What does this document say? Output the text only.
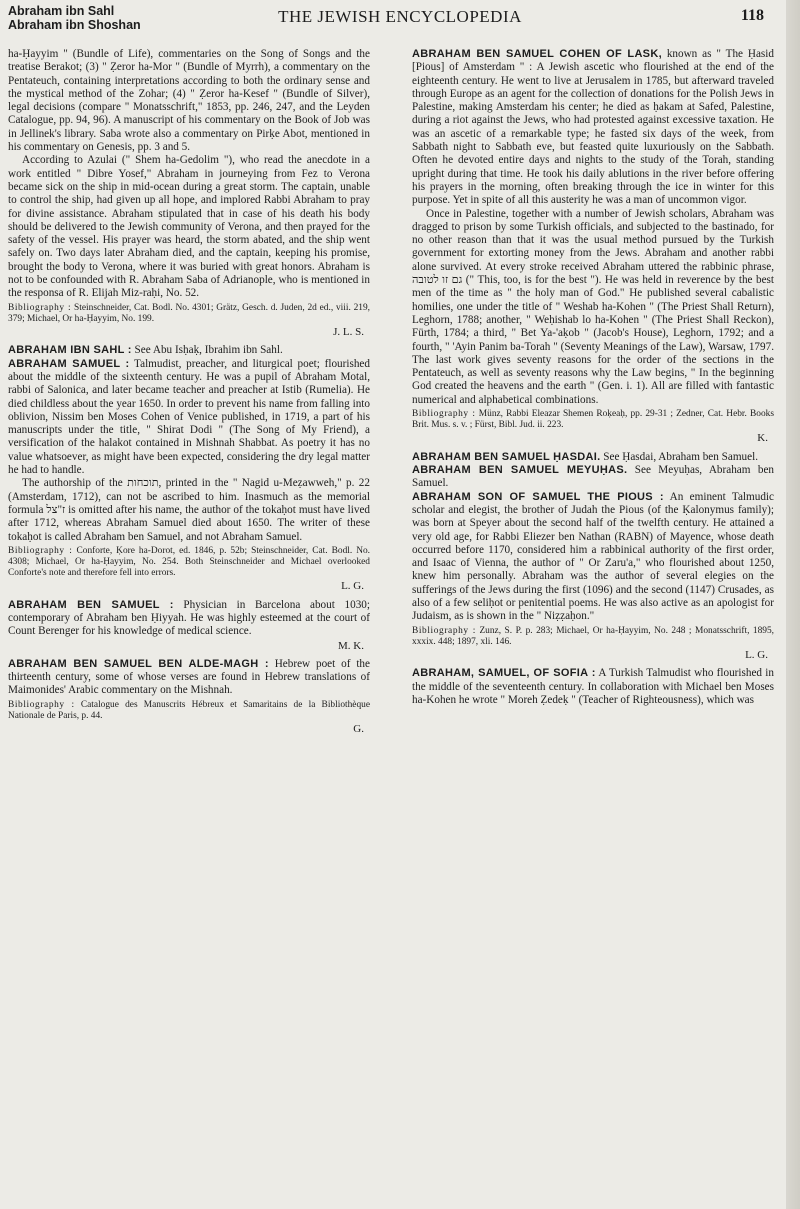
Abraham ibn Sahl
Abraham ibn Shoshan	THE JEWISH ENCYCLOPEDIA	118

ha-Ḥayyim " (Bundle of Life), commentaries on the Song of Songs and the treatise Berakot; (3) " Ẓeror ha-Mor " (Bundle of Myrrh), a commentary on the Pentateuch, containing interpretations according to both the ordinary sense and the mystical method of the Zohar; (4) " Ẓeror ha-Kesef " (Bundle of Silver), legal decisions (compare " Monatsschrift," 1853, pp. 246, 247, and the Leyden Catalogue, pp. 94, 96). A manuscript of his commentary on the Book of Job was in Jellinek's library. Saba wrote also a commentary on Pirḳe Abot, mentioned in his commentary on Genesis, pp. 3 and 5.

According to Azulai (" Shem ha-Gedolim "), who read the anecdote in a work entitled " Dibre Yosef," Abraham in journeying from Fez to Verona became sick on the ship in mid-ocean during a great storm. The captain, unable to control the ship, had given up all hope, and implored Rabbi Abraham to pray for divine assistance. Abraham stipulated that in case of his death his body should be delivered to the Jewish community of Verona, and then prayed for the safety of the vessel. His prayer was heard, the storm abated, and the ship went safely on. Two days later Abraham died, and the captain, keeping his promise, brought the body to Verona, where it was buried with great honors. Abraham is not to be confounded with R. Abraham Saba of Adrianople, who is mentioned in the responsa of R. Elijah Miz-raḥi, No. 52.

Bibliography : Steinschneider, Cat. Bodl. No. 4301; Grätz, Gesch. d. Juden, 2d ed., viii. 219, 379; Michael, Or ha-Ḥayyim, No. 199.

J. L. S.

ABRAHAM IBN SAHL : See Abu Isḥaḳ, Ibrahim ibn Sahl.

ABRAHAM SAMUEL : Talmudist, preacher, and liturgical poet; flourished about the middle of the sixteenth century. He was a pupil of Abraham Motal, rabbi of Salonica, and later became teacher and preacher at Istib (Rumelia). He died childless about the year 1650. In order to prevent his name from falling into oblivion, Nissim ben Moses Cohen of Venice published, in 1719, a part of his manuscripts under the title, " Shirat Dodi " (The Song of My Friend), a versification of the halakot contained in Mishnah Shabbat. As poetry it has no value whatsoever, as might have been expected, considering the dry legal matter he had to handle.

The authorship of the תוכחות, printed in the " Nagid u-Meẓawweh," p. 22 (Amsterdam, 1712), can not be ascribed to him. Inasmuch as the memorial formula ז"צל is omitted after his name, the author of the tokaḥot must have lived after 1712, whereas Abraham Samuel died about 1650. The writer of these tokaḥot is called Abraham ben Samuel, and not Abraham Samuel.

Bibliography : Conforte, Ḳore ha-Dorot, ed. 1846, p. 52b; Steinschneider, Cat. Bodl. No. 4308; Michael, Or ha-Ḥayyim, No. 254. Both Steinschneider and Michael overlooked Conforte's note and therefore fell into errors.

L. G.

ABRAHAM BEN SAMUEL : Physician in Barcelona about 1030; contemporary of Abraham ben Ḥiyyah. He was highly esteemed at the court of Count Berenger for his knowledge of medical science.

M. K.

ABRAHAM BEN SAMUEL BEN ALDE-MAGH : Hebrew poet of the thirteenth century, some of whose verses are found in Hebrew translations of Maimonides' Arabic commentary on the Mishnah.

Bibliography : Catalogue des Manuscrits Hébreux et Samaritains de la Bibliothèque Nationale de Paris, p. 44.

G.

ABRAHAM BEN SAMUEL COHEN OF LASK, known as " The Ḥasid [Pious] of Amsterdam " : A Jewish ascetic who flourished at the end of the eighteenth century. He went to live at Jerusalem in 1785, but afterward traveled through Europe as an agent for the collection of donations for the Polish Jews in Palestine, making Amsterdam his center; he died as ḥakam at Safed, Palestine, during a riot against the Jews, who had protested against excessive taxation. He was an ascetic of a remarkable type; he fasted six days of the week, from Sabbath night to Sabbath eve, but feasted quite luxuriously on the Sabbath. Often he devoted entire days and nights to the study of the Torah, standing upright during that time. He took his daily ablutions in the river before offering his prayers in the morning, often breaking through the ice in winter for this purpose. Yet in spite of all this austerity he was a man of uncommon vigor.

Once in Palestine, together with a number of Jewish scholars, Abraham was dragged to prison by some Turkish officials, and subjected to the bastinado, for no other reason than that it was the usual method pursued by the Turkish government for extorting money from the Jews. Abraham and another rabbi alone survived. At every stroke received Abraham uttered the rabbinic phrase, גם זו לטובה (" This, too, is for the best "). He was held in reverence by the best men of the time as " the holy man of God." He published several cabalistic homilies, one under the title of " Weshab ha-Kohen " (The Priest Shall Return), Leghorn, 1788; another, " Weḥishab lo ha-Kohen " (The Priest Shall Reckon), Fürth, 1784; a third, " Bet Ya-'aḳob " (Jacob's House), Leghorn, 1792; and a fourth, " 'Ayin Panim ba-Torah " (Seventy Meanings of the Law), Warsaw, 1797. The last work gives seventy reasons for the order of the sections in the Pentateuch, as well as seventy reasons why the Law begins, " In the beginning God created the heavens and the earth " (Gen. i. 1). All are filled with fantastic numerical and alphabetical combinations.

Bibliography : Münz, Rabbi Eleazar Shemen Roḳeaḥ, pp. 29-31 ; Zedner, Cat. Hebr. Books Brit. Mus. s. v. ; Fürst, Bibl. Jud. ii. 223.

K.

ABRAHAM BEN SAMUEL ḤASDAI. See Ḥasdai, Abraham ben Samuel.

ABRAHAM BEN SAMUEL MEYUḤAS. See Meyuḥas, Abraham ben Samuel.

ABRAHAM SON OF SAMUEL THE PIOUS : An eminent Talmudic scholar and elegist, the brother of Judah the Pious (of the Ḳalonymus family); was born at Speyer about the second half of the twelfth century. He attained a very old age, for Rabbi Eliezer ben Nathan (RABN) of Mayence, whose death occurred before 1170, considered him a rabbinical authority of the first order, and Isaac of Vienna, the author of " Or Zaru'a," who flourished about 1250, knew him personally. Abraham was the author of several elegies on the sufferings of the Jews during the first (1096) and the second (1147) Crusades, as also of a few seliḥot or penitential poems. He was also active as an apologist for Judaism, as is shown in the " Niẓẓaḥon."

Bibliography : Zunz, S. P. p. 283; Michael, Or ha-Ḥayyim, No. 248 ; Monatsschrift, 1895, xxxix. 448; 1897, xli. 146.

L. G.

ABRAHAM, SAMUEL, OF SOFIA : A Turkish Talmudist who flourished in the middle of the seventeenth century. In collaboration with Michael ben Moses ha-Kohen he wrote " Moreh Ẓedeḳ " (Teacher of Righteousness), which was
